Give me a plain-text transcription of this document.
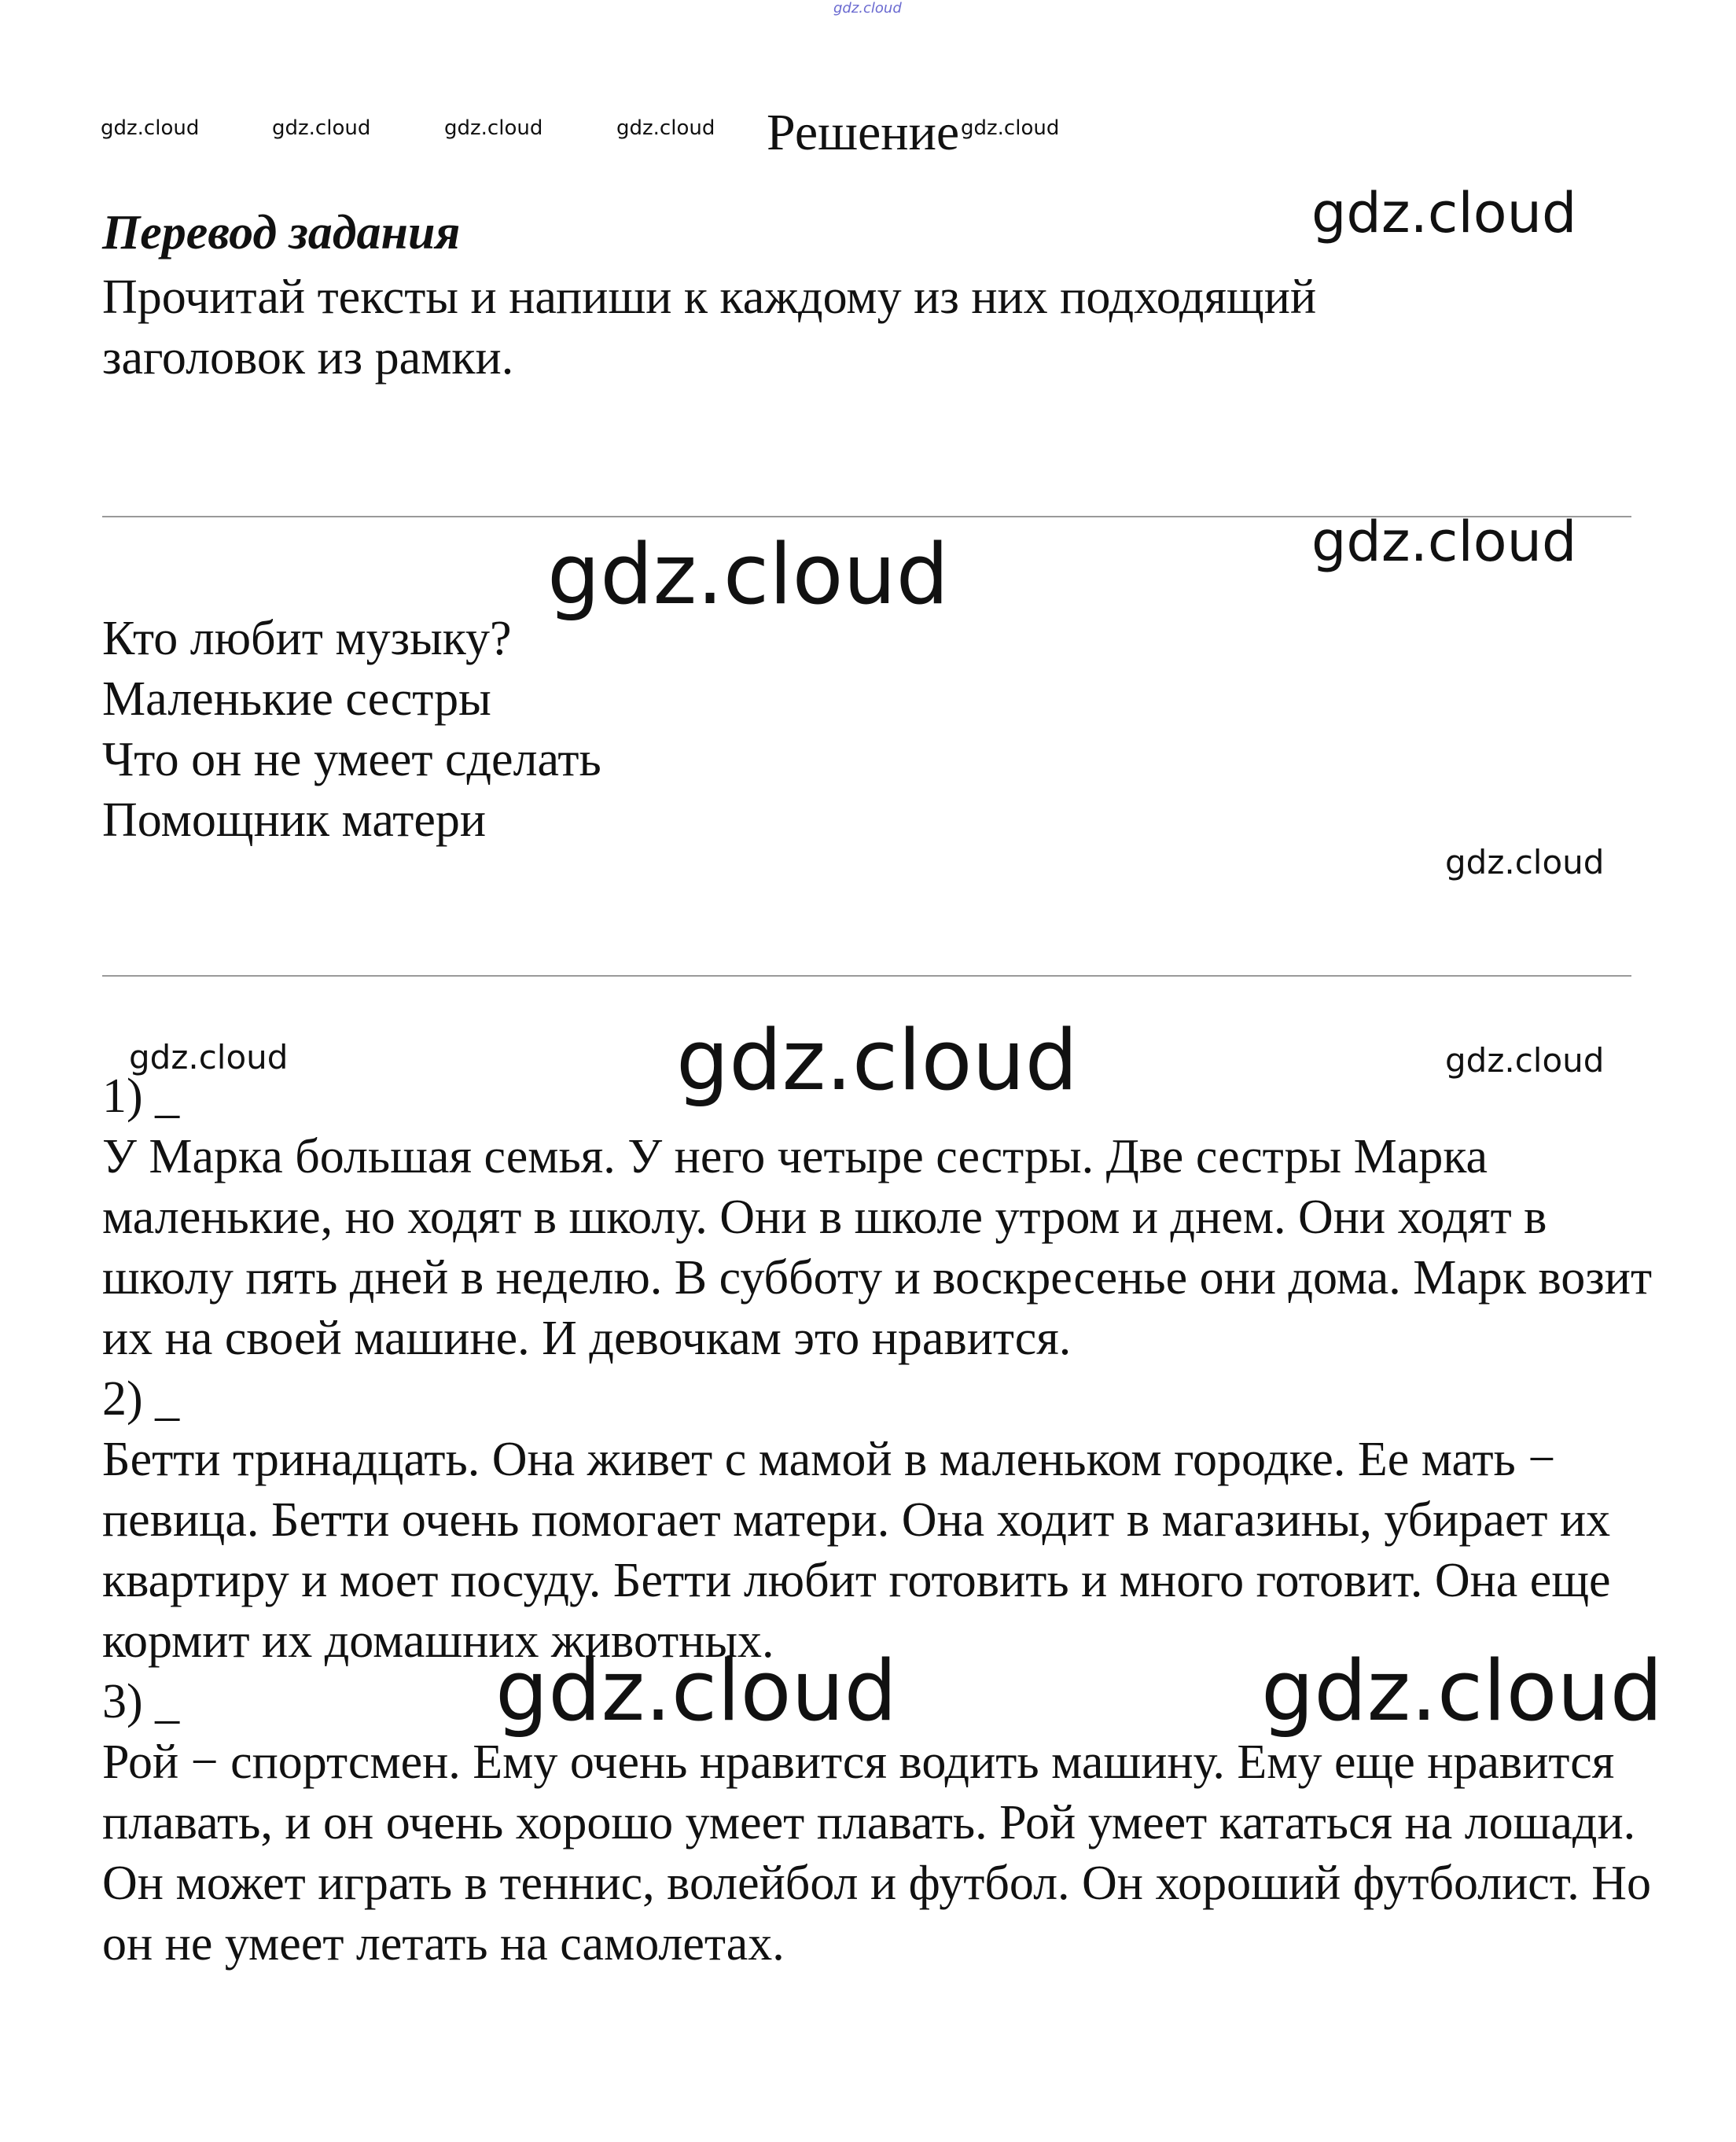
gdz.cloud
gdz.cloud	gdz.cloud	gdz.cloud	gdz.cloud	gdz.cloud
gdz.cloud
gdz.cloud
gdz.cloud
gdz.cloud
gdz.cloud	gdz.cloud	gdz.cloud
gdz.cloud	gdz.cloud
Решение
Перевод задания

Прочитай тексты и напиши к каждому из них подходящий заголовок из рамки.

Кто любит музыку?
Маленькие сестры
Что он не умеет сделать
Помощник матери
1) _
У Марка большая семья. У него четыре сестры. Две сестры Марка маленькие, но ходят в школу. Они в школе утром и днем. Они ходят в школу пять дней в неделю. В субботу и воскресенье они дома. Марк возит их на своей машине. И девочкам это нравится.
2) _
Бетти тринадцать. Она живет с мамой в маленьком городке. Ее мать − певица. Бетти очень помогает матери. Она ходит в магазины, убирает их квартиру и моет посуду. Бетти любит готовить и много готовит. Она еще кормит их домашних животных.
3) _
Рой − спортсмен. Ему очень нравится водить машину. Ему еще нравится плавать, и он очень хорошо умеет плавать. Рой умеет кататься на лошади. Он может играть в теннис, волейбол и футбол. Он хороший футболист. Но он не умеет летать на самолетах.
